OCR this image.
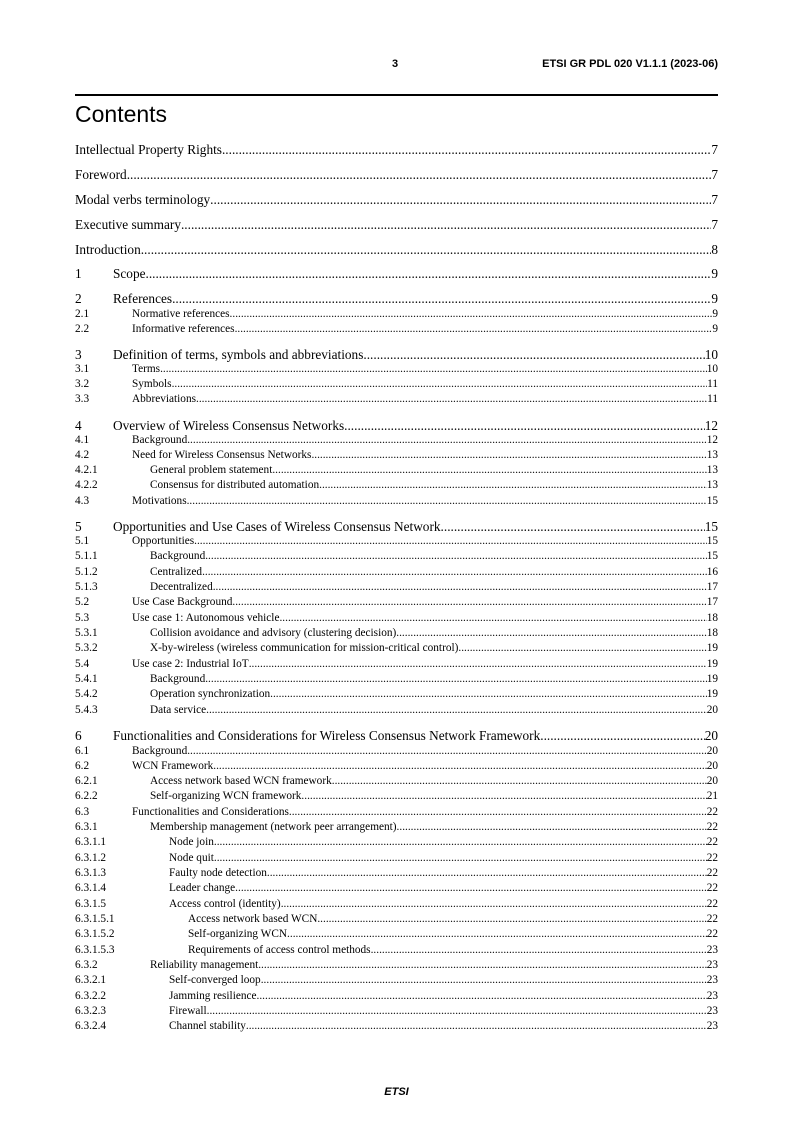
3	ETSI GR PDL 020 V1.1.1 (2023-06)
Contents
Intellectual Property Rights .....	7
Foreword .....	7
Modal verbs terminology .....	7
Executive summary .....	7
Introduction .....	8
1	Scope .....	9
2	References .....	9
2.1	Normative references .....	9
2.2	Informative references .....	9
3	Definition of terms, symbols and abbreviations .....	10
3.1	Terms .....	10
3.2	Symbols .....	11
3.3	Abbreviations .....	11
4	Overview of Wireless Consensus Networks .....	12
4.1	Background .....	12
4.2	Need for Wireless Consensus Networks .....	13
4.2.1	General problem statement .....	13
4.2.2	Consensus for distributed automation .....	13
4.3	Motivations .....	15
5	Opportunities and Use Cases of Wireless Consensus Network .....	15
5.1	Opportunities .....	15
5.1.1	Background .....	15
5.1.2	Centralized .....	16
5.1.3	Decentralized .....	17
5.2	Use Case Background .....	17
5.3	Use case 1: Autonomous vehicle .....	18
5.3.1	Collision avoidance and advisory (clustering decision) .....	18
5.3.2	X-by-wireless (wireless communication for mission-critical control) .....	19
5.4	Use case 2: Industrial IoT .....	19
5.4.1	Background .....	19
5.4.2	Operation synchronization .....	19
5.4.3	Data service .....	20
6	Functionalities and Considerations for Wireless Consensus Network Framework .....	20
6.1	Background .....	20
6.2	WCN Framework .....	20
6.2.1	Access network based WCN framework .....	20
6.2.2	Self-organizing WCN framework .....	21
6.3	Functionalities and Considerations .....	22
6.3.1	Membership management (network peer arrangement) .....	22
6.3.1.1	Node join .....	22
6.3.1.2	Node quit .....	22
6.3.1.3	Faulty node detection .....	22
6.3.1.4	Leader change .....	22
6.3.1.5	Access control (identity) .....	22
6.3.1.5.1	Access network based WCN .....	22
6.3.1.5.2	Self-organizing WCN .....	22
6.3.1.5.3	Requirements of access control methods .....	23
6.3.2	Reliability management .....	23
6.3.2.1	Self-converged loop .....	23
6.3.2.2	Jamming resilience .....	23
6.3.2.3	Firewall .....	23
6.3.2.4	Channel stability .....	23
ETSI
